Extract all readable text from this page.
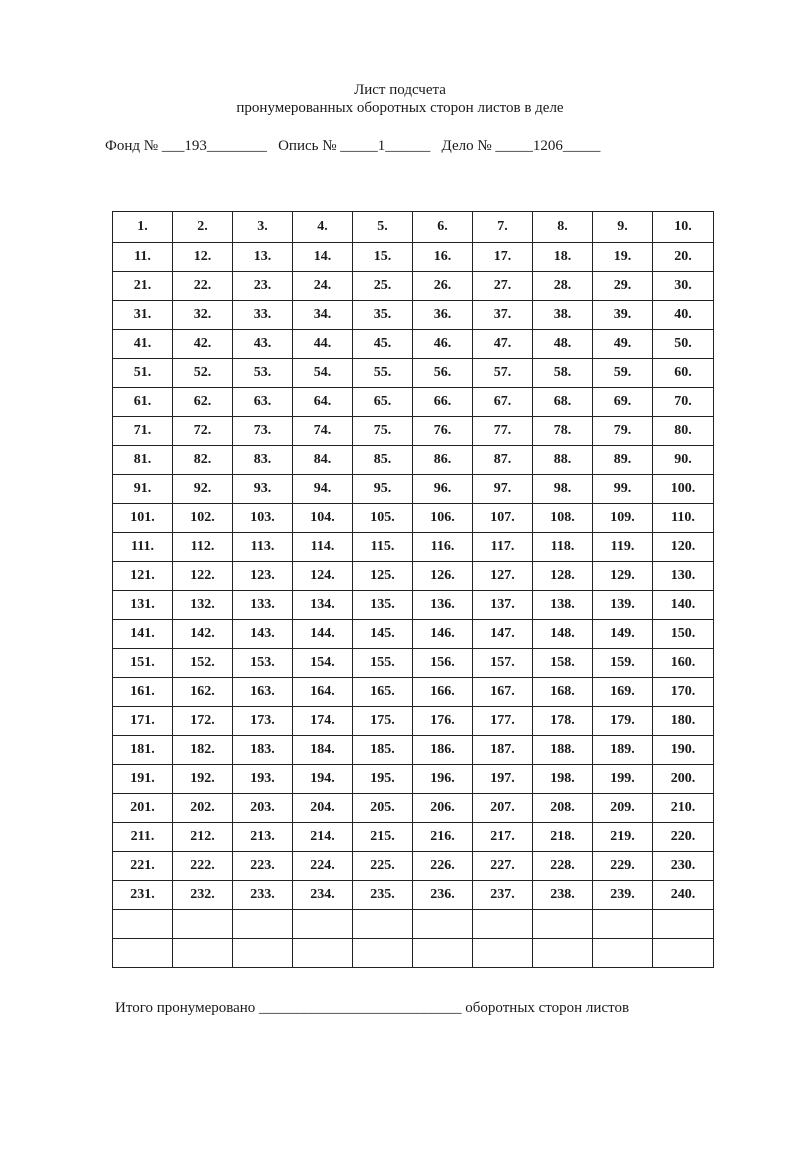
Лист подсчета
пронумерованных оборотных сторон листов в деле
Фонд № ___193________   Опись № _____1______   Дело № _____1206_____
1.	2.	3.	4.	5.	6.	7.	8.	9.	10.
11.	12.	13.	14.	15.	16.	17.	18.	19.	20.
21.	22.	23.	24.	25.	26.	27.	28.	29.	30.
31.	32.	33.	34.	35.	36.	37.	38.	39.	40.
41.	42.	43.	44.	45.	46.	47.	48.	49.	50.
51.	52.	53.	54.	55.	56.	57.	58.	59.	60.
61.	62.	63.	64.	65.	66.	67.	68.	69.	70.
71.	72.	73.	74.	75.	76.	77.	78.	79.	80.
81.	82.	83.	84.	85.	86.	87.	88.	89.	90.
91.	92.	93.	94.	95.	96.	97.	98.	99.	100.
101.	102.	103.	104.	105.	106.	107.	108.	109.	110.
111.	112.	113.	114.	115.	116.	117.	118.	119.	120.
121.	122.	123.	124.	125.	126.	127.	128.	129.	130.
131.	132.	133.	134.	135.	136.	137.	138.	139.	140.
141.	142.	143.	144.	145.	146.	147.	148.	149.	150.
151.	152.	153.	154.	155.	156.	157.	158.	159.	160.
161.	162.	163.	164.	165.	166.	167.	168.	169.	170.
171.	172.	173.	174.	175.	176.	177.	178.	179.	180.
181.	182.	183.	184.	185.	186.	187.	188.	189.	190.
191.	192.	193.	194.	195.	196.	197.	198.	199.	200.
201.	202.	203.	204.	205.	206.	207.	208.	209.	210.
211.	212.	213.	214.	215.	216.	217.	218.	219.	220.
221.	222.	223.	224.	225.	226.	227.	228.	229.	230.
231.	232.	233.	234.	235.	236.	237.	238.	239.	240.

Итого пронумеровано ___________________________ оборотных сторон листов
